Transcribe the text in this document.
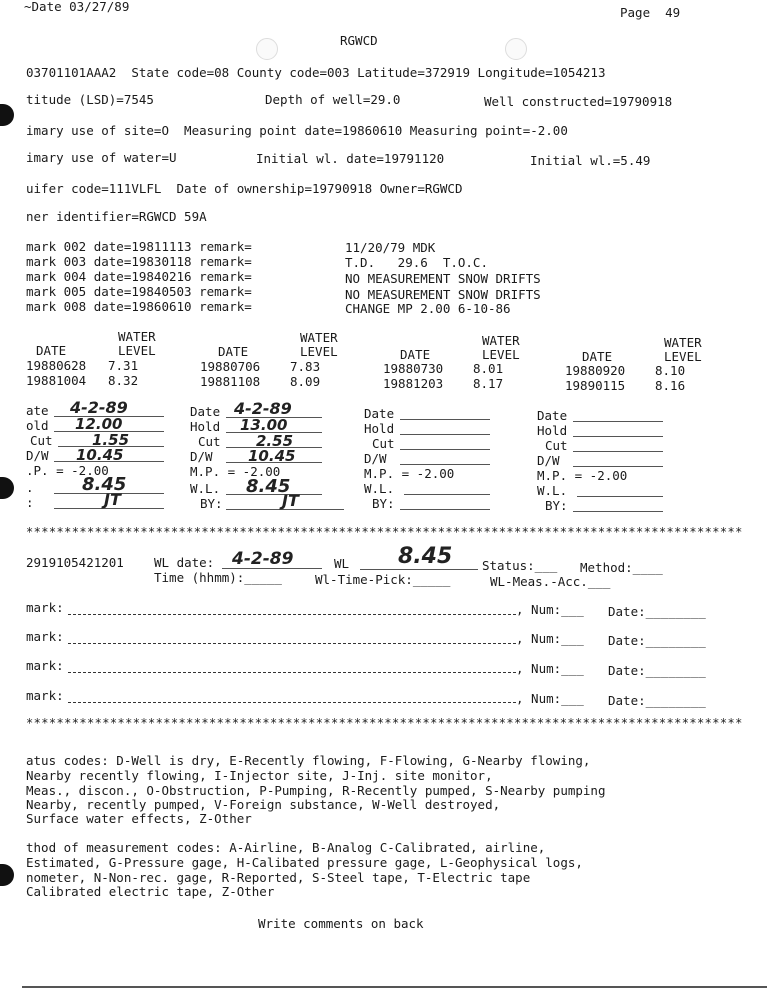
~Date 03/27/89	Page  49
RGWCD
03701101AAA2  State code=08 County code=003 Latitude=372919 Longitude=1054213
titude (LSD)=7545	Depth of well=29.0	Well constructed=19790918
imary use of site=O  Measuring point date=19860610 Measuring point=-2.00
imary use of water=U	Initial wl. date=19791120	Initial wl.=5.49
uifer code=111VLFL  Date of ownership=19790918 Owner=RGWCD
ner identifier=RGWCD 59A
mark 002 date=19811113 remark=	11/20/79 MDK
mark 003 date=19830118 remark=	T.D.   29.6  T.O.C.
mark 004 date=19840216 remark=	NO MEASUREMENT SNOW DRIFTS
mark 005 date=19840503 remark=	NO MEASUREMENT SNOW DRIFTS
mark 008 date=19860610 remark=	CHANGE MP 2.00 6-10-86
WATER	WATER	WATER	WATER
DATE	LEVEL	DATE	LEVEL	DATE	LEVEL	DATE	LEVEL
19880628 7.31	19880706 7.83	19880730 8.01	19880920 8.10
19881004 8.32	19881108 8.09	19881203 8.17	19890115 8.16
ate 4-2-89
old 12.00
Cut	1.55
D/W 10.45
.P. = -2.00
.	8.45
:	JT
Date 4-2-89
Hold 13.00
Cut 2.55
D/W 10.45
M.P. = -2.00
W.L. 8.45
BY:	JT
Date
Hold
Cut
D/W
M.P. = -2.00
W.L.
BY:
Date
Hold
Cut
D/W
M.P. = -2.00
W.L.
BY:
**********************************************************************************************
2919105421201 WL date: 4-2-89	WL 8.45 Status:___ Method:____
Time (hhmm):_____	Wl-Time-Pick:_____	WL-Meas.-Acc.___
mark:	, Num:___ Date:________
mark:	, Num:___ Date:________
mark:	, Num:___ Date:________
mark:	, Num:___ Date:________
**********************************************************************************************
atus codes: D-Well is dry, E-Recently flowing, F-Flowing, G-Nearby flowing,
Nearby recently flowing, I-Injector site, J-Inj. site monitor,
Meas., discon., O-Obstruction, P-Pumping, R-Recently pumped, S-Nearby pumping
Nearby, recently pumped, V-Foreign substance, W-Well destroyed,
Surface water effects, Z-Other
thod of measurement codes: A-Airline, B-Analog C-Calibrated, airline,
Estimated, G-Pressure gage, H-Calibated pressure gage, L-Geophysical logs,
nometer, N-Non-rec. gage, R-Reported, S-Steel tape, T-Electric tape
Calibrated electric tape, Z-Other
Write comments on back
